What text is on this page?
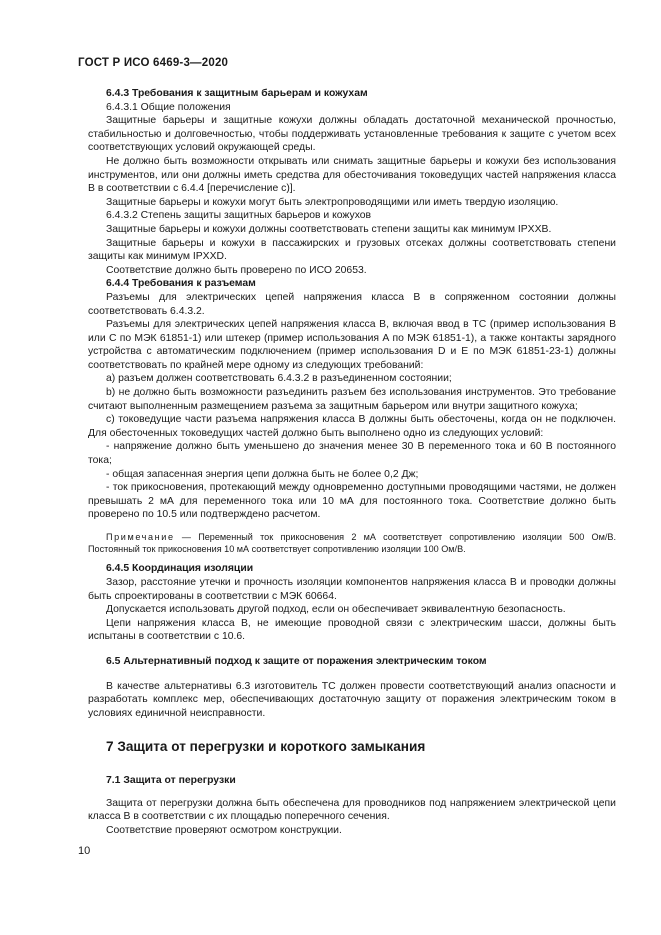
ГОСТ Р ИСО 6469-3—2020

6.4.3 Требования к защитным барьерам и кожухам

6.4.3.1 Общие положения

Защитные барьеры и защитные кожухи должны обладать достаточной механической прочностью, стабильностью и долговечностью, чтобы поддерживать установленные требования к защите с учетом всех соответствующих условий окружающей среды.

Не должно быть возможности открывать или снимать защитные барьеры и кожухи без использования инструментов, или они должны иметь средства для обесточивания токоведущих частей напряжения класса В в соответствии с 6.4.4 [перечисление с)].

Защитные барьеры и кожухи могут быть электропроводящими или иметь твердую изоляцию.

6.4.3.2 Степень защиты защитных барьеров и кожухов

Защитные барьеры и кожухи должны соответствовать степени защиты как минимум IPXXB.

Защитные барьеры и кожухи в пассажирских и грузовых отсеках должны соответствовать степени защиты как минимум IPXXD.

Соответствие должно быть проверено по ИСО 20653.

6.4.4 Требования к разъемам

Разъемы для электрических цепей напряжения класса В в сопряженном состоянии должны соответствовать 6.4.3.2.

Разъемы для электрических цепей напряжения класса В, включая ввод в ТС (пример использования В или С по МЭК 61851-1) или штекер (пример использования А по МЭК 61851-1), а также контакты зарядного устройства с автоматическим подключением (пример использования D и Е по МЭК 61851-23-1) должны соответствовать по крайней мере одному из следующих требований:

а) разъем должен соответствовать 6.4.3.2 в разъединенном состоянии;

b) не должно быть возможности разъединить разъем без использования инструментов. Это требование считают выполненным размещением разъема за защитным барьером или внутри защитного кожуха;

с) токоведущие части разъема напряжения класса В должны быть обесточены, когда он не подключен. Для обесточенных токоведущих частей должно быть выполнено одно из следующих условий:

- напряжение должно быть уменьшено до значения менее 30 В переменного тока и 60 В постоянного тока;

- общая запасенная энергия цепи должна быть не более 0,2 Дж;

- ток прикосновения, протекающий между одновременно доступными проводящими частями, не должен превышать 2 мА для переменного тока или 10 мА для постоянного тока. Соответствие должно быть проверено по 10.5 или подтверждено расчетом.

Примечание — Переменный ток прикосновения 2 мА соответствует сопротивлению изоляции 500 Ом/В. Постоянный ток прикосновения 10 мА соответствует сопротивлению изоляции 100 Ом/В.

6.4.5 Координация изоляции

Зазор, расстояние утечки и прочность изоляции компонентов напряжения класса В и проводки должны быть спроектированы в соответствии с МЭК 60664.

Допускается использовать другой подход, если он обеспечивает эквивалентную безопасность.

Цепи напряжения класса В, не имеющие проводной связи с электрическим шасси, должны быть испытаны в соответствии с 10.6.

6.5 Альтернативный подход к защите от поражения электрическим током

В качестве альтернативы 6.3 изготовитель ТС должен провести соответствующий анализ опасности и разработать комплекс мер, обеспечивающих достаточную защиту от поражения электрическим током в условиях единичной неисправности.

7 Защита от перегрузки и короткого замыкания

7.1 Защита от перегрузки

Защита от перегрузки должна быть обеспечена для проводников под напряжением электрической цепи класса В в соответствии с их площадью поперечного сечения.

Соответствие проверяют осмотром конструкции.

10
